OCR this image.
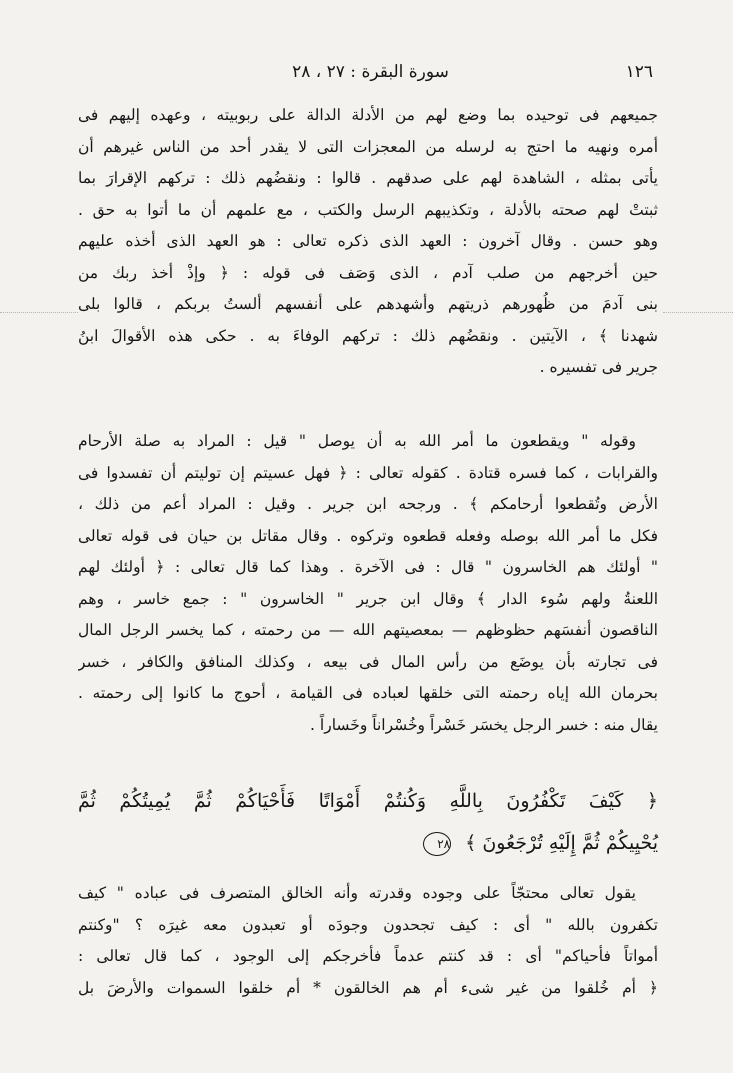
١٢٦
سورة البقرة : ٢٧ ، ٢٨
جميعهم فى توحيده بما وضع لهم من الأدلة الدالة على ربوبيته ، وعهده إليهم فى
أمره ونهيه ما احتج به لرسله من المعجزات التى لا يقدر أحد من الناس غيرهم أن
يأتى بمثله ، الشاهدة لهم على صدقهم . قالوا : ونقضُهم ذلك : تركهم الإقرارَ بما
ثبتتْ لهم صحته بالأدلة ، وتكذيبهم الرسل والكتب ، مع علمهم أن ما أتوا به حق .
وهو حسن . وقال آخرون : العهد الذى ذكره تعالى : هو العهد الذى أخذه عليهم
حين أخرجهم من صلب آدم ، الذى وَصَف فى قوله : ﴿ وإذْ أخذ ربك من
بنى آدمَ من ظُهورهم ذريتهم وأشهدهم على أنفسهم ألستُ بربكم ، قالوا بلى
شهدنا ﴾ ، الآيتين . ونقضُهم ذلك : تركهم الوفاءَ به . حكى هذه الأقوالَ ابنُ
جرير فى تفسيره .
وقوله " ويقطعون ما أمر الله به أن يوصل " قيل : المراد به صلة الأرحام
والقرابات ، كما فسره قتادة . كقوله تعالى : ﴿ فهل عسيتم إن توليتم أن تفسدوا فى
الأرض وتُقطعوا أرحامكم ﴾ . ورجحه ابن جرير . وقيل : المراد أعم من ذلك ،
فكل ما أمر الله بوصله وفعله قطعوه وتركوه . وقال مقاتل بن حيان فى قوله تعالى
" أولئك هم الخاسرون " قال : فى الآخرة . وهذا كما قال تعالى : ﴿ أولئك لهم
اللعنةُ ولهم سُوء الدار ﴾ وقال ابن جرير " الخاسرون " : جمع خاسر ، وهم
الناقصون أنفسَهم حظوظهم — بمعصيتهم الله — من رحمته ، كما يخسر الرجل المال
فى تجارته بأن يوضَع من رأس المال فى بيعه ، وكذلك المنافق والكافر ، خسر
بحرمان الله إياه رحمته التى خلقها لعباده فى القيامة ، أحوج ما كانوا إلى رحمته .
يقال منه : خسر الرجل يخسَر خَسْراً وخُسْراناً وخَساراً .
﴿ كَيْفَ تَكْفُرُونَ بِاللَّهِ وَكُنتُمْ أَمْوَاتًا فَأَحْيَاكُمْ ثُمَّ يُمِيتُكُمْ ثُمَّ
يُحْيِيكُمْ ثُمَّ إِلَيْهِ تُرْجَعُونَ ﴾ ٢٨
يقول تعالى محتجّاً على وجوده وقدرته وأنه الخالق المتصرف فى عباده " كيف
تكفرون بالله " أى : كيف تجحدون وجودَه أو تعبدون معه غيرَه ؟ "وكنتم
أمواتاً فأحياكم" أى : قد كنتم عدماً فأخرجكم إلى الوجود ، كما قال تعالى :
﴿ أم خُلقوا من غير شىء أم هم الخالقون * أم خلقوا السموات والأرضَ بل
